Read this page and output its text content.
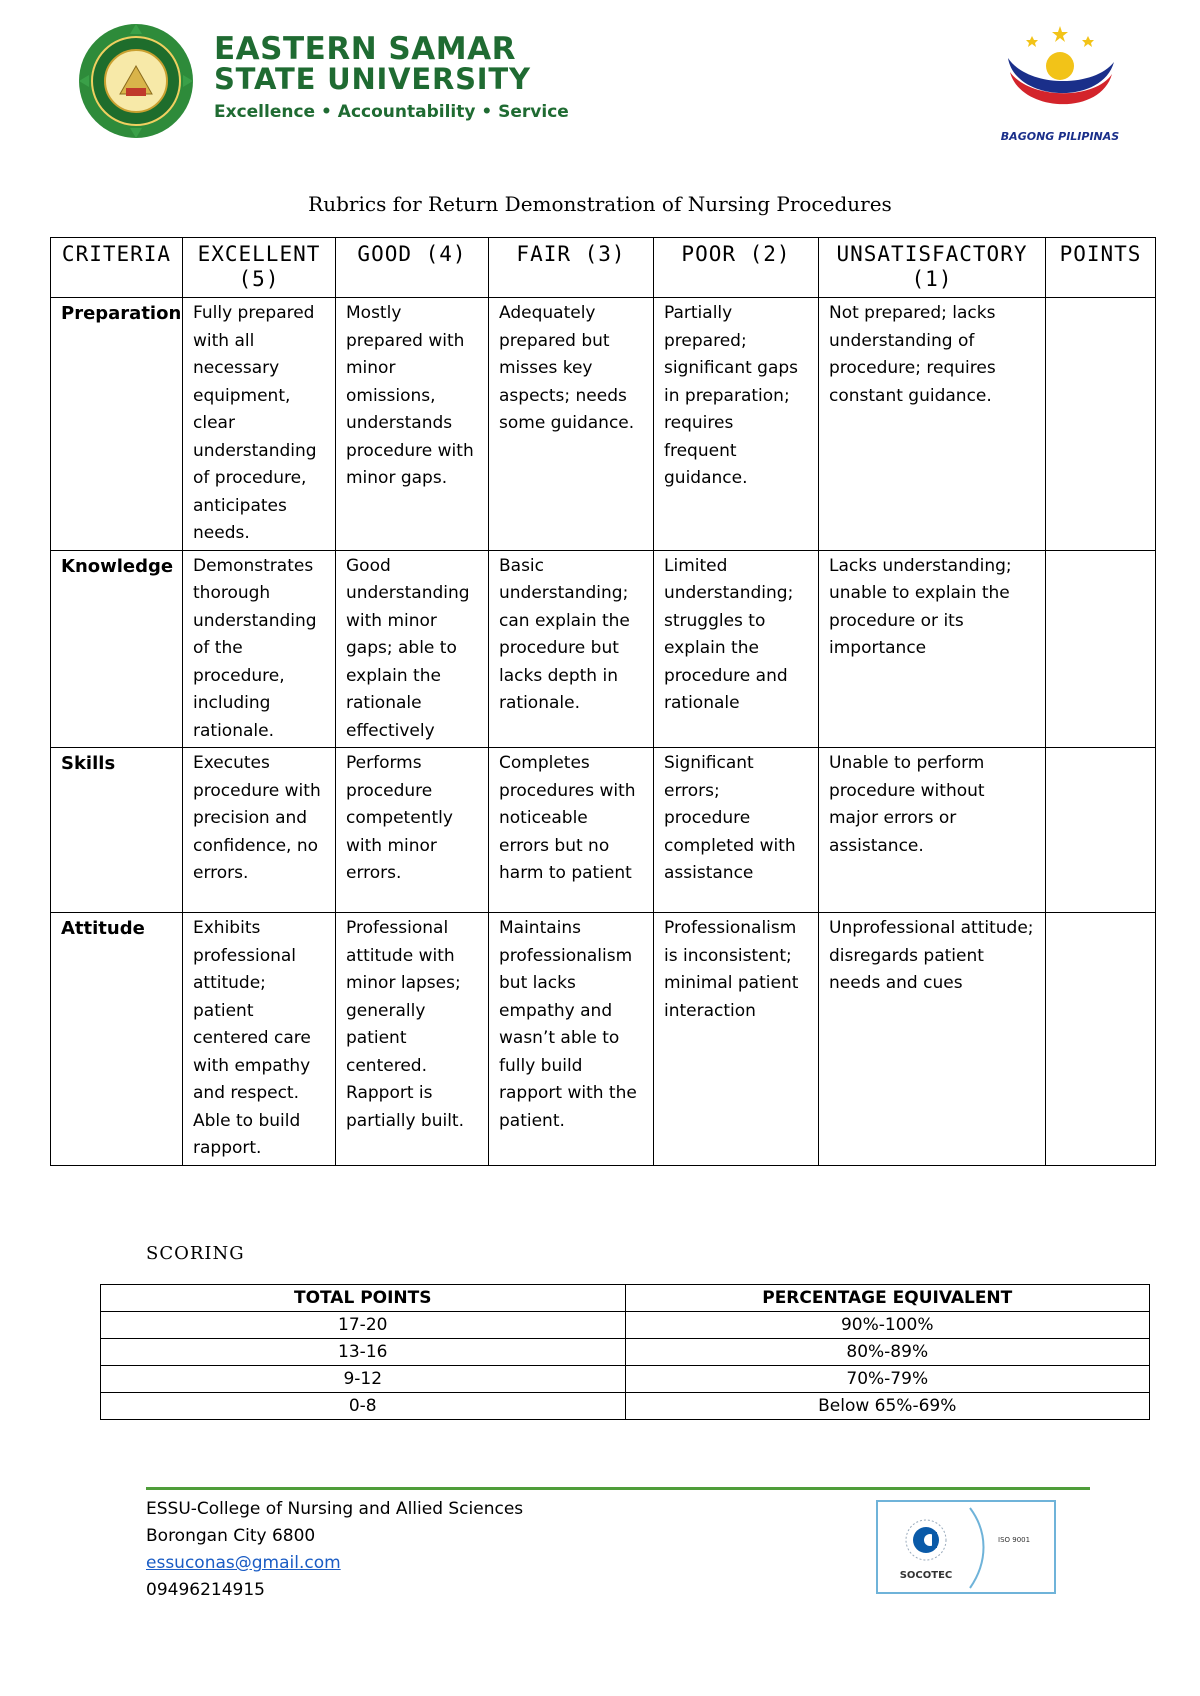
EASTERN SAMAR
STATE UNIVERSITY
Excellence • Accountability • Service
BAGONG PILIPINAS
Rubrics for Return Demonstration of Nursing Procedures
CRITERIA	EXCELLENT (5)	GOOD (4)	FAIR (3)	POOR (2)	UNSATISFACTORY (1)	POINTS
Preparation	Fully prepared with all necessary equipment, clear understanding of procedure, anticipates needs.	Mostly prepared with minor omissions, understands procedure with minor gaps.	Adequately prepared but misses key aspects; needs some guidance.	Partially prepared; significant gaps in preparation; requires frequent guidance.	Not prepared; lacks understanding of procedure; requires constant guidance.	
Knowledge	Demonstrates thorough understanding of the procedure, including rationale.	Good understanding with minor gaps; able to explain the rationale effectively	Basic understanding; can explain the procedure but lacks depth in rationale.	Limited understanding; struggles to explain the procedure and rationale	Lacks understanding; unable to explain the procedure or its importance	
Skills	Executes procedure with precision and confidence, no errors.	Performs procedure competently with minor errors.	Completes procedures with noticeable errors but no harm to patient	Significant errors; procedure completed with assistance	Unable to perform procedure without major errors or assistance.	
Attitude	Exhibits professional attitude; patient centered care with empathy and respect. Able to build rapport.	Professional attitude with minor lapses; generally patient centered. Rapport is partially built.	Maintains professionalism but lacks empathy and wasn’t able to fully build rapport with the patient.	Professionalism is inconsistent; minimal patient interaction	Unprofessional attitude; disregards patient needs and cues	
SCORING
TOTAL POINTS	PERCENTAGE EQUIVALENT
17-20	90%-100%
13-16	80%-89%
9-12	70%-79%
0-8	Below 65%-69%
ESSU-College of Nursing and Allied Sciences
Borongan City 6800
essuconas@gmail.com
09496214915
SOCOTEC
ISO 9001
